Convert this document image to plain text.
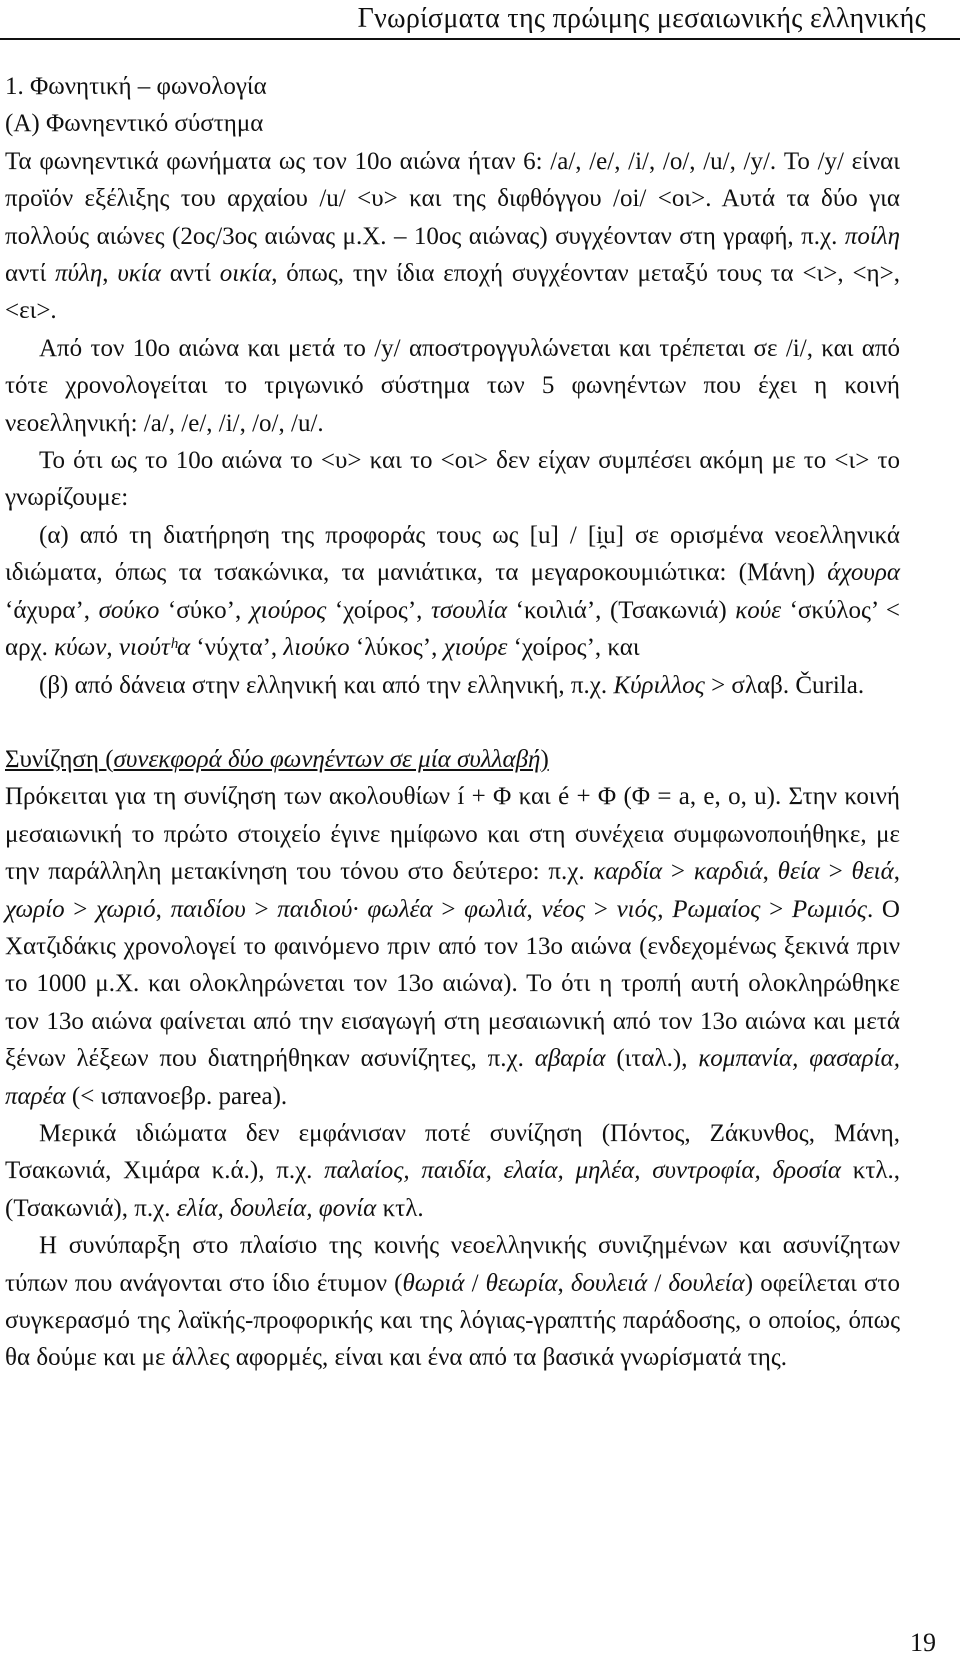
Γνωρίσματα της πρώιμης μεσαιωνικής ελληνικής

1. Φωνητική – φωνολογία

(Α) Φωνηεντικό σύστημα

Τα φωνηεντικά φωνήματα ως τον 10ο αιώνα ήταν 6: /a/, /e/, /i/, /o/, /u/, /y/. Το /y/ είναι προϊόν εξέλιξης του αρχαίου /u/ <υ> και της διφθόγγου /oi/ <οι>. Αυτά τα δύο για πολλούς αιώνες (2ος/3ος αιώνας μ.Χ. – 10ος αιώνας) συγχέονταν στη γραφή, π.χ. ποίλη αντί πύλη, υκία αντί οικία, όπως, την ίδια εποχή συγχέονταν μεταξύ τους τα <ι>, <η>, <ει>.

Από τον 10ο αιώνα και μετά το /y/ αποστρογγυλώνεται και τρέπεται σε /i/, και από τότε χρονολογείται το τριγωνικό σύστημα των 5 φωνηέντων που έχει η κοινή νεοελληνική: /a/, /e/, /i/, /o/, /u/.

Το ότι ως το 10ο αιώνα το <υ> και το <οι> δεν είχαν συμπέσει ακόμη με το <ι> το γνωρίζουμε:

(α) από τη διατήρηση της προφοράς τους ως [u] / [i̯u] σε ορισμένα νεοελληνικά ιδιώματα, όπως τα τσακώνικα, τα μανιάτικα, τα μεγαροκουμιώτικα: (Μάνη) άχουρα ‘άχυρα’, σούκο ‘σύκο’, χιούρος ‘χοίρος’, τσουλία ‘κοιλιά’, (Τσακωνιά) κούε ‘σκύλος’ < αρχ. κύων, νιούτʰα ‘νύχτα’, λιούκο ‘λύκος’, χιούρε ‘χοίρος’, και

(β) από δάνεια στην ελληνική και από την ελληνική, π.χ. Κύριλλος > σλαβ. Čurila.

Συνίζηση (συνεκφορά δύο φωνηέντων σε μία συλλαβή)

Πρόκειται για τη συνίζηση των ακολουθίων í + Φ και é + Φ (Φ = a, e, o, u). Στην κοινή μεσαιωνική το πρώτο στοιχείο έγινε ημίφωνο και στη συνέχεια συμφωνοποιήθηκε, με την παράλληλη μετακίνηση του τόνου στο δεύτερο: π.χ. καρδία > καρδιά, θεία > θειά, χωρίο > χωριό, παιδίου > παιδιού· φωλέα > φωλιά, νέος > νιός, Ρωμαίος > Ρωμιός. Ο Χατζιδάκις χρονολογεί το φαινόμενο πριν από τον 13ο αιώνα (ενδεχομένως ξεκινά πριν το 1000 μ.Χ. και ολοκληρώνεται τον 13ο αιώνα). Το ότι η τροπή αυτή ολοκληρώθηκε τον 13ο αιώνα φαίνεται από την εισαγωγή στη μεσαιωνική από τον 13ο αιώνα και μετά ξένων λέξεων που διατηρήθηκαν ασυνίζητες, π.χ. αβαρία (ιταλ.), κομπανία, φασαρία, παρέα (< ισπανοεβρ. parea).

Μερικά ιδιώματα δεν εμφάνισαν ποτέ συνίζηση (Πόντος, Ζάκυνθος, Μάνη, Τσακωνιά, Χιμάρα κ.ά.), π.χ. παλαίος, παιδία, ελαία, μηλέα, συντροφία, δροσία κτλ., (Τσακωνιά), π.χ. ελία, δουλεία, φονία κτλ.

Η συνύπαρξη στο πλαίσιο της κοινής νεοελληνικής συνιζημένων και ασυνίζητων τύπων που ανάγονται στο ίδιο έτυμον (θωριά / θεωρία, δουλειά / δουλεία) οφείλεται στο συγκερασμό της λαϊκής-προφορικής και της λόγιας-γραπτής παράδοσης, ο οποίος, όπως θα δούμε και με άλλες αφορμές, είναι και ένα από τα βασικά γνωρίσματά της.

19
